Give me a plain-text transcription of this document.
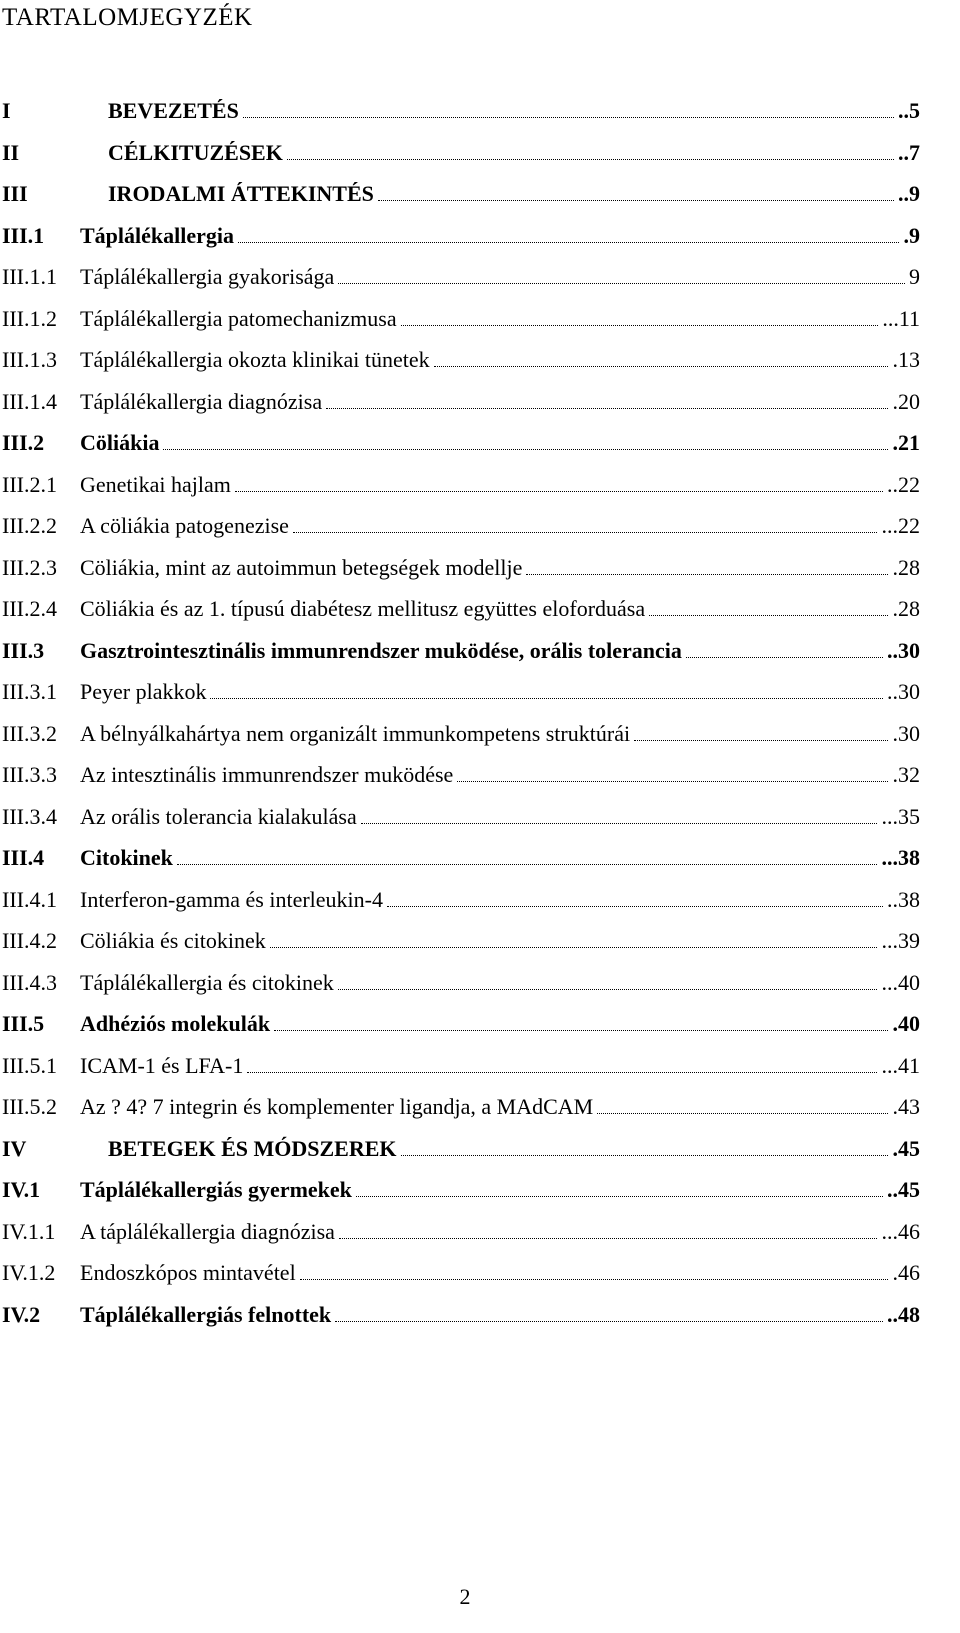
TARTALOMJEGYZÉK
I	BEVEZETÉS	..5
II	CÉLKITUZÉSEK	..7
III	IRODALMI ÁTTEKINTÉS	..9
III.1 Táplálékallergia	.9
III.1.1 Táplálékallergia gyakorisága	9
III.1.2 Táplálékallergia patomechanizmusa	...11
III.1.3 Táplálékallergia okozta klinikai tünetek	.13
III.1.4 Táplálékallergia diagnózisa	.20
III.2 Cöliákia	.21
III.2.1 Genetikai hajlam	..22
III.2.2 A cöliákia patogenezise	...22
III.2.3 Cöliákia, mint az autoimmun betegségek modellje	.28
III.2.4 Cöliákia és az 1. típusú diabétesz mellitusz együttes eloforduása	.28
III.3 Gasztrointesztinális immunrendszer muködése, orális tolerancia	..30
III.3.1 Peyer plakkok	..30
III.3.2 A bélnyálkahártya nem organizált immunkompetens struktúrái	.30
III.3.3 Az intesztinális immunrendszer muködése	.32
III.3.4 Az orális tolerancia kialakulása	...35
III.4 Citokinek	...38
III.4.1 Interferon-gamma és interleukin-4	..38
III.4.2 Cöliákia és citokinek	...39
III.4.3 Táplálékallergia és citokinek	...40
III.5 Adhéziós molekulák	.40
III.5.1 ICAM-1 és LFA-1	...41
III.5.2 Az ? 4? 7 integrin és komplementer ligandja, a MAdCAM	.43
IV	BETEGEK ÉS MÓDSZEREK	.45
IV.1 Táplálékallergiás gyermekek	..45
IV.1.1 A táplálékallergia diagnózisa	...46
IV.1.2 Endoszkópos mintavétel	.46
IV.2 Táplálékallergiás felnottek	..48
2
